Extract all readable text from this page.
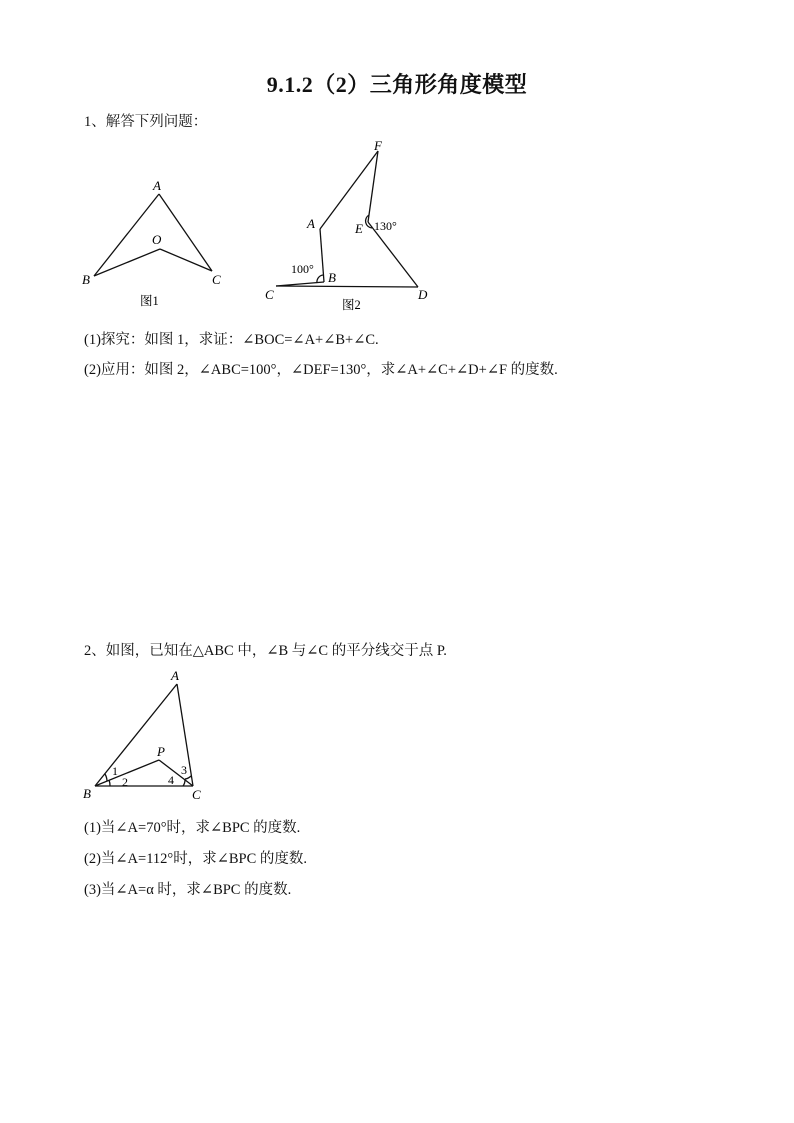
9.1.2（2）三角形角度模型
1、解答下列问题：
A
B	C
O
图1
F
A	E 130°
100°
B
C	D
图2
(1)探究：如图 1，求证：∠BOC=∠A+∠B+∠C.
(2)应用：如图 2，∠ABC=100°，∠DEF=130°，求∠A+∠C+∠D+∠F 的度数.
2、如图，已知在△ABC 中，∠B 与∠C 的平分线交于点 P.
A
P
1
2
3
4
B	C
(1)当∠A=70°时，求∠BPC 的度数.
(2)当∠A=112°时，求∠BPC 的度数.
(3)当∠A=α 时，求∠BPC 的度数.
